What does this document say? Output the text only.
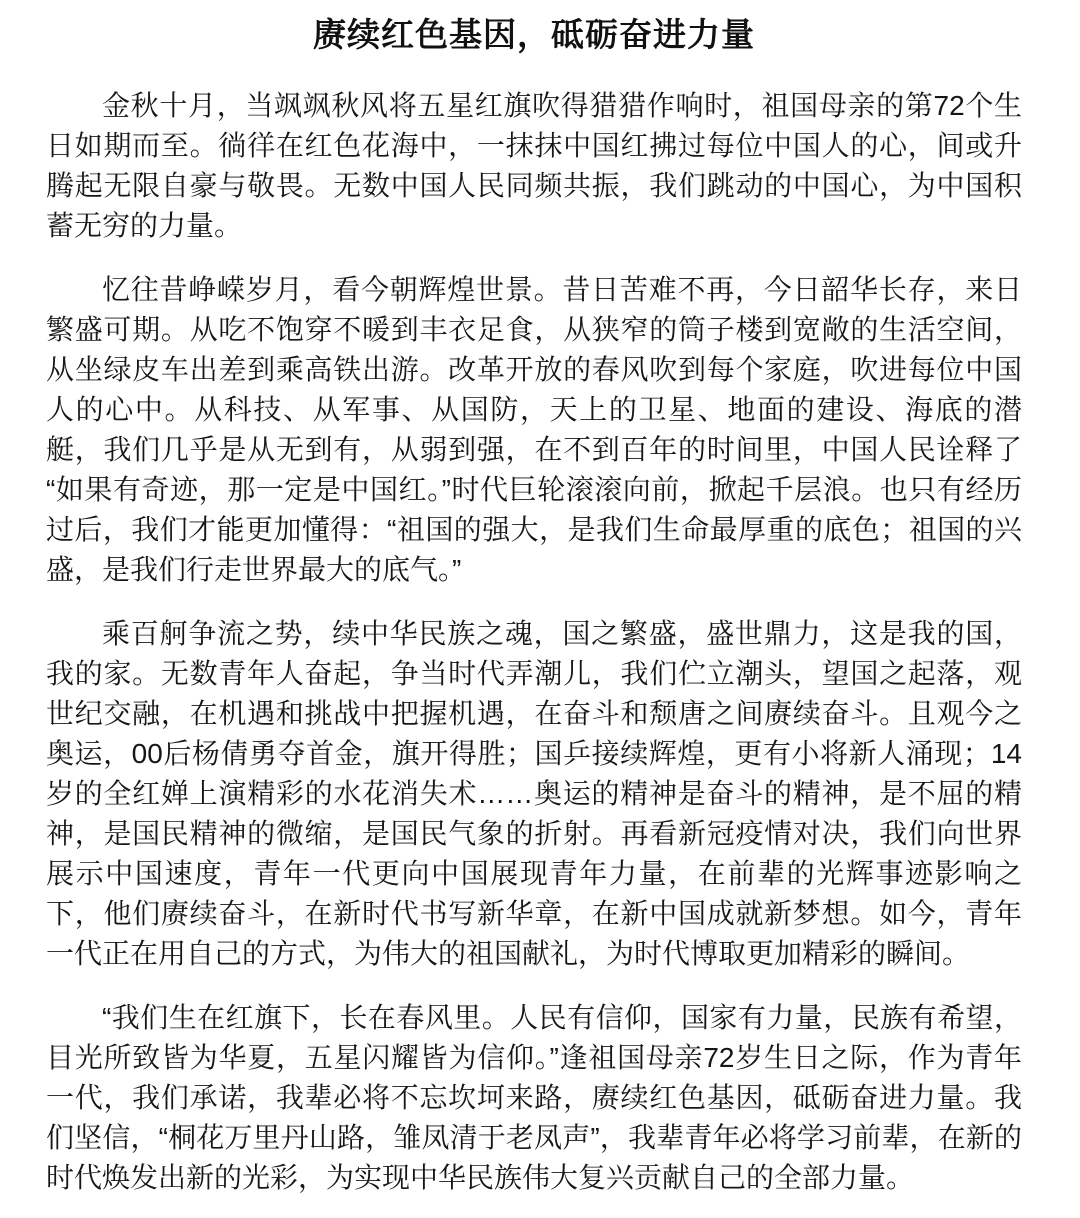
赓续红色基因，砥砺奋进力量

金秋十月，当飒飒秋风将五星红旗吹得猎猎作响时，祖国母亲的第72个生日如期而至。徜徉在红色花海中，一抹抹中国红拂过每位中国人的心，间或升腾起无限自豪与敬畏。无数中国人民同频共振，我们跳动的中国心，为中国积蓄无穷的力量。

忆往昔峥嵘岁月，看今朝辉煌世景。昔日苦难不再，今日韶华长存，来日繁盛可期。从吃不饱穿不暖到丰衣足食，从狭窄的筒子楼到宽敞的生活空间，从坐绿皮车出差到乘高铁出游。改革开放的春风吹到每个家庭，吹进每位中国人的心中。从科技、从军事、从国防，天上的卫星、地面的建设、海底的潜艇，我们几乎是从无到有，从弱到强，在不到百年的时间里，中国人民诠释了“如果有奇迹，那一定是中国红。”时代巨轮滚滚向前，掀起千层浪。也只有经历过后，我们才能更加懂得：“祖国的强大，是我们生命最厚重的底色；祖国的兴盛，是我们行走世界最大的底气。”

乘百舸争流之势，续中华民族之魂，国之繁盛，盛世鼎力，这是我的国，我的家。无数青年人奋起，争当时代弄潮儿，我们伫立潮头，望国之起落，观世纪交融，在机遇和挑战中把握机遇，在奋斗和颓唐之间赓续奋斗。且观今之奥运，00后杨倩勇夺首金，旗开得胜；国乒接续辉煌，更有小将新人涌现；14岁的全红婵上演精彩的水花消失术……奥运的精神是奋斗的精神，是不屈的精神，是国民精神的微缩，是国民气象的折射。再看新冠疫情对决，我们向世界展示中国速度，青年一代更向中国展现青年力量，在前辈的光辉事迹影响之下，他们赓续奋斗，在新时代书写新华章，在新中国成就新梦想。如今，青年一代正在用自己的方式，为伟大的祖国献礼，为时代博取更加精彩的瞬间。

“我们生在红旗下，长在春风里。人民有信仰，国家有力量，民族有希望，目光所致皆为华夏，五星闪耀皆为信仰。”逢祖国母亲72岁生日之际，作为青年一代，我们承诺，我辈必将不忘坎坷来路，赓续红色基因，砥砺奋进力量。我们坚信，“桐花万里丹山路，雏凤清于老凤声”，我辈青年必将学习前辈，在新的时代焕发出新的光彩，为实现中华民族伟大复兴贡献自己的全部力量。
